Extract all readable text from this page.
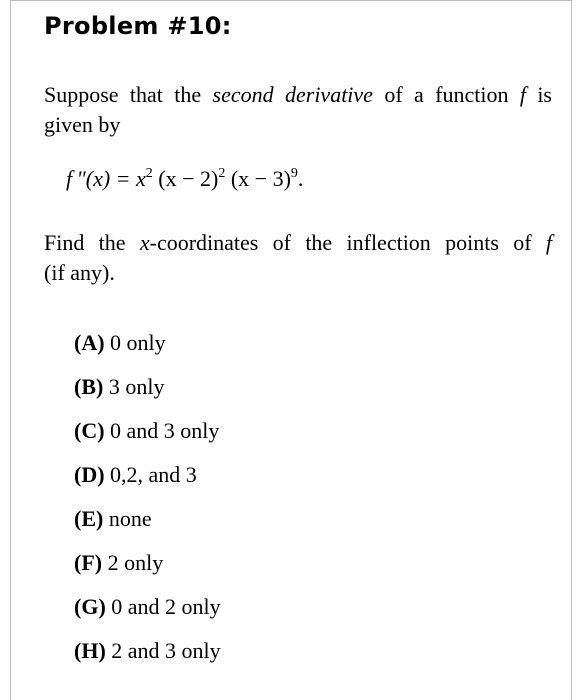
Problem #10:
Suppose that the second derivative of a function f is
given by
f "$(x) = x^2$ $(x - 2)^2$ $(x - 3)^9$.
Find the x-coordinates of the inflection points of f
(if any).
(A) 0 only
(B) 3 only
(C) 0 and 3 only
(D) 0,2, and 3
(E) none
(F) 2 only
(G) 0 and 2 only
(H) 2 and 3 only
